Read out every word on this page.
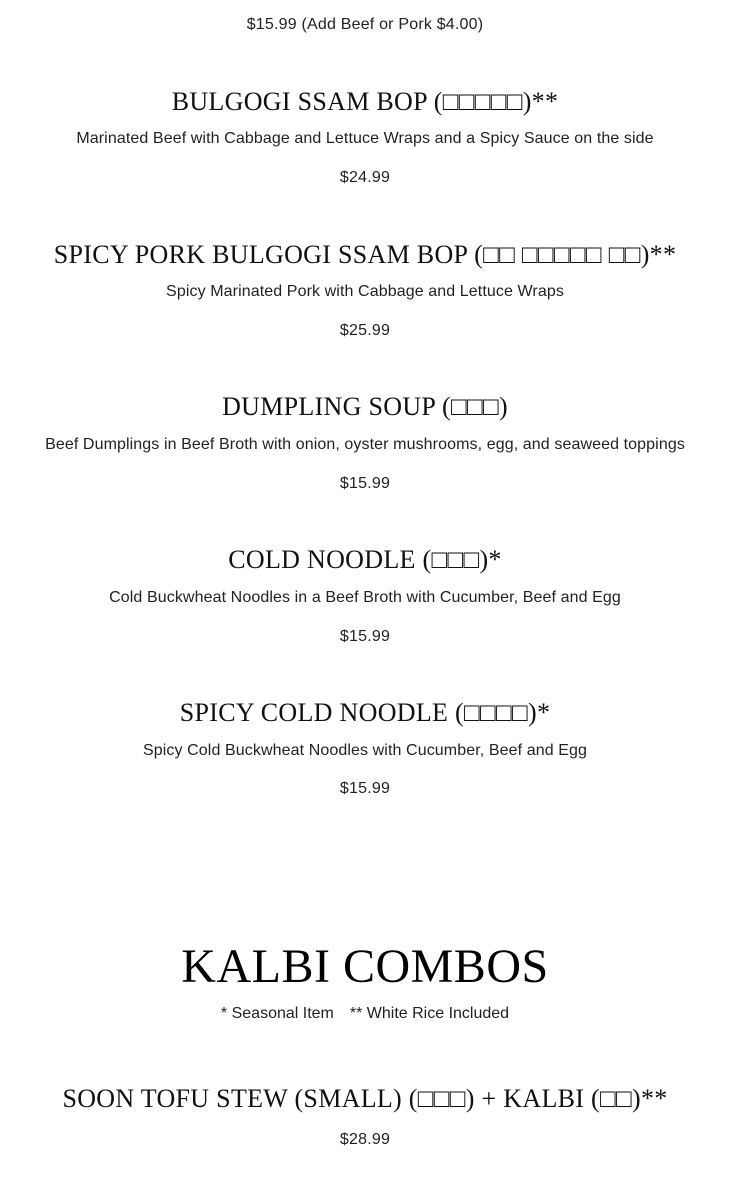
$15.99 (Add Beef or Pork $4.00)
BULGOGI SSAM BOP (□□□□□)**
Marinated Beef with Cabbage and Lettuce Wraps and a Spicy Sauce on the side
$24.99
SPICY PORK BULGOGI SSAM BOP (□□ □□□□□ □□)**
Spicy Marinated Pork with Cabbage and Lettuce Wraps
$25.99
DUMPLING SOUP (□□□)
Beef Dumplings in Beef Broth with onion, oyster mushrooms, egg, and seaweed toppings
$15.99
COLD NOODLE (□□□)*
Cold Buckwheat Noodles in a Beef Broth with Cucumber, Beef and Egg
$15.99
SPICY COLD NOODLE (□□□□)*
Spicy Cold Buckwheat Noodles with Cucumber, Beef and Egg
$15.99
KALBI COMBOS
* Seasonal Item ** White Rice Included
SOON TOFU STEW (SMALL) (□□□) + KALBI (□□)**
$28.99
